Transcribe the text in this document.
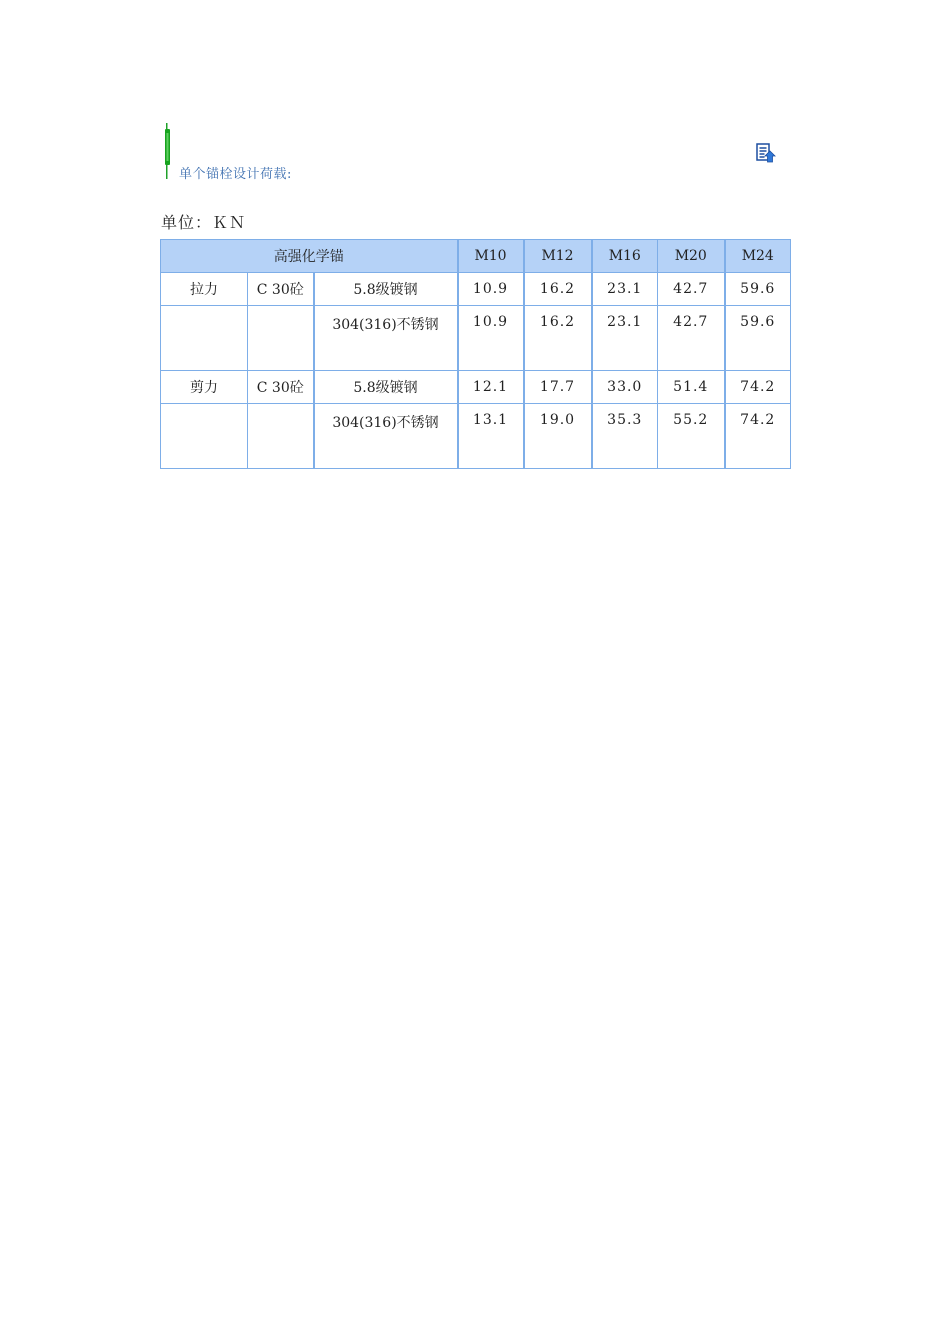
单个锚栓设计荷载:
单位：ＫＮ
高强化学锚			M10	M12	M16	M20	M24
拉力	C 30砼	5.8级镀钢	10.9	16.2	23.1	42.7	59.6
		304(316)不锈钢	10.9	16.2	23.1	42.7	59.6
剪力	C 30砼	5.8级镀钢	12.1	17.7	33.0	51.4	74.2
		304(316)不锈钢	13.1	19.0	35.3	55.2	74.2
